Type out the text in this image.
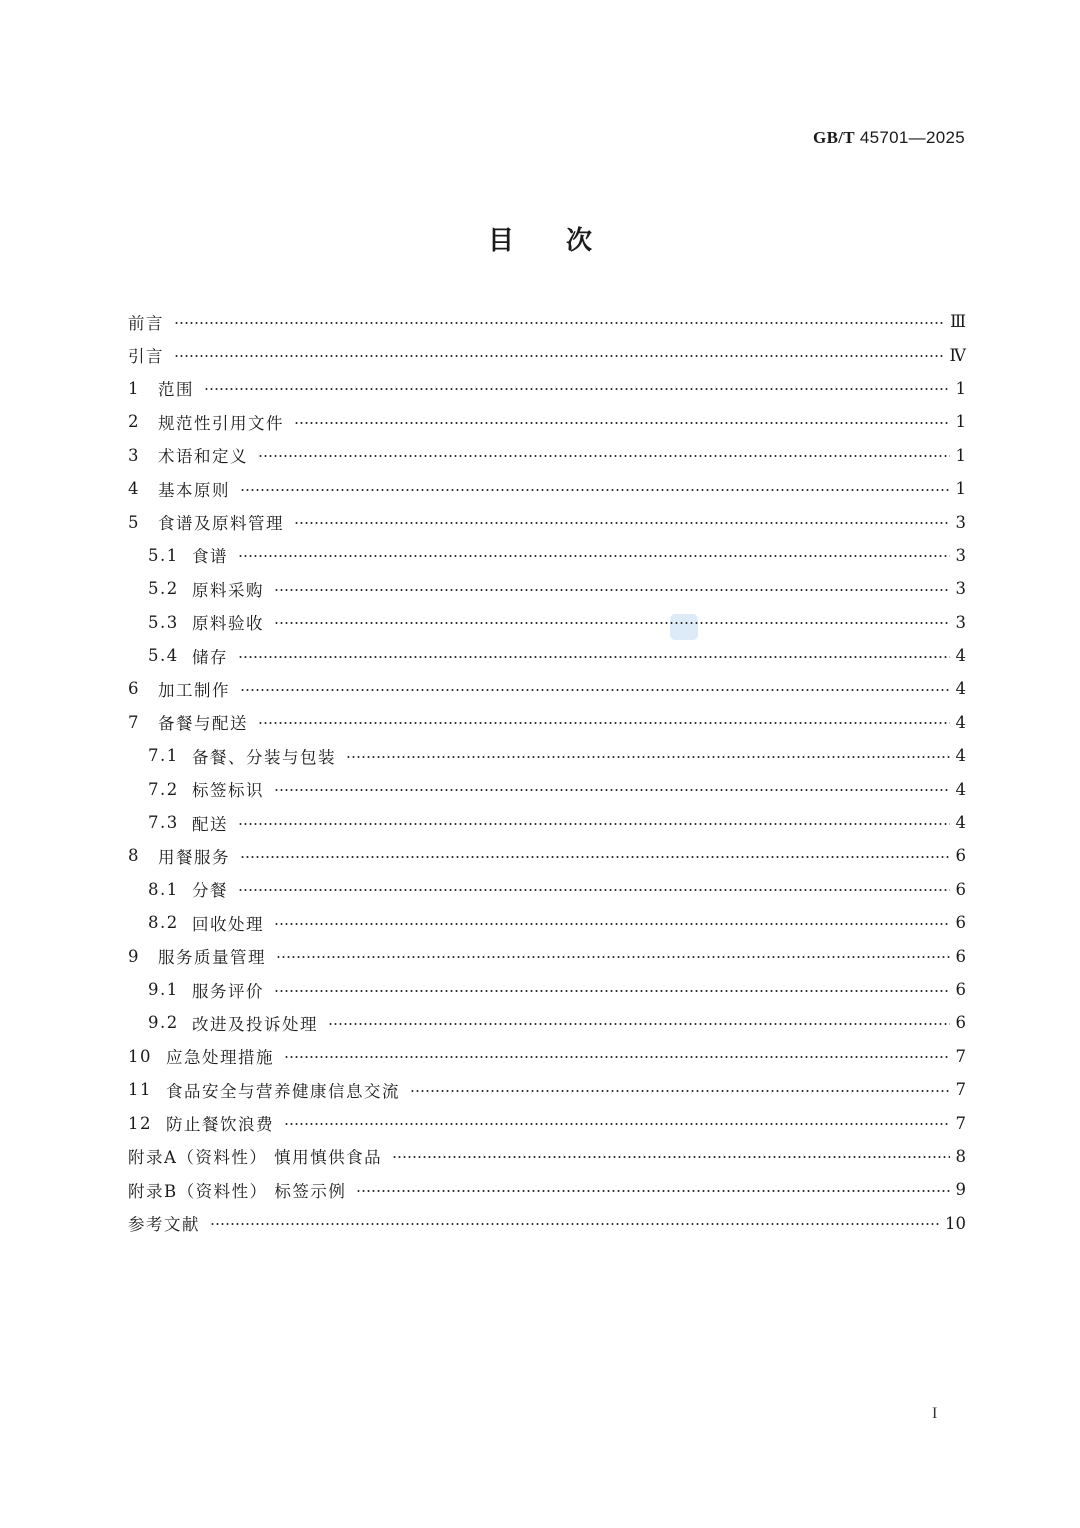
GB/T 45701—2025
目次
前言	Ⅲ
引言	Ⅳ
1	范围	1
2	规范性引用文件	1
3	术语和定义	1
4	基本原则	1
5	食谱及原料管理	3
5.1 食谱	3
5.2 原料采购	3
5.3 原料验收	3
5.4 储存	4
6	加工制作	4
7	备餐与配送	4
7.1 备餐、分装与包装	4
7.2 标签标识	4
7.3 配送	4
8	用餐服务	6
8.1 分餐	6
8.2 回收处理	6
9	服务质量管理	6
9.1 服务评价	6
9.2 改进及投诉处理	6
10 应急处理措施	7
11 食品安全与营养健康信息交流	7
12 防止餐饮浪费	7
附录A（资料性） 慎用慎供食品	8
附录B（资料性） 标签示例	9
参考文献	10
I
